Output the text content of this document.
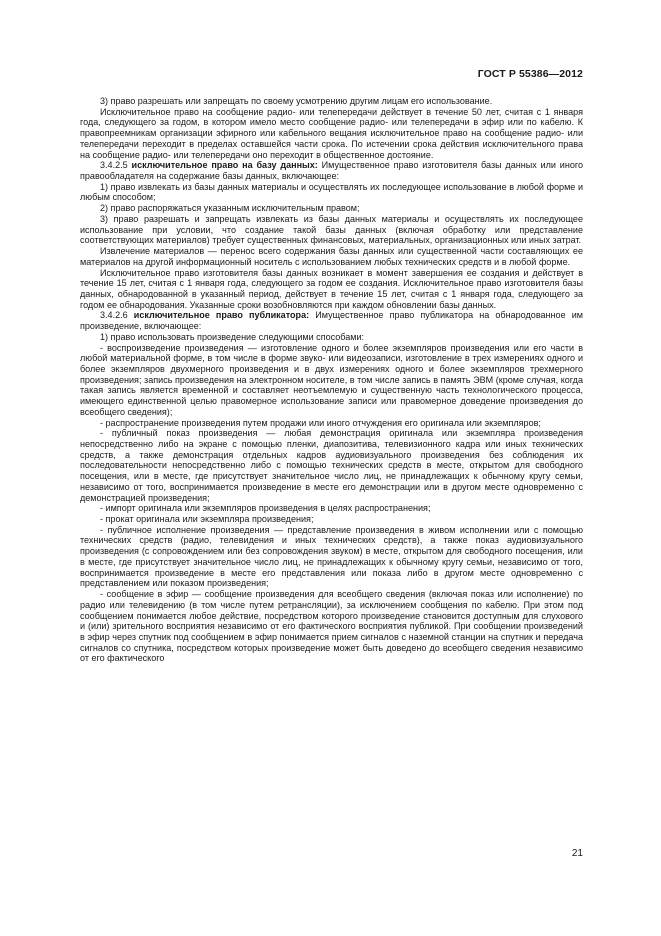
ГОСТ Р 55386—2012

3) право разрешать или запрещать по своему усмотрению другим лицам его использование.

Исключительное право на сообщение радио- или телепередачи действует в течение 50 лет, считая с 1 января года, следующего за годом, в котором имело место сообщение радио- или телепередачи в эфир или по кабелю. К правопреемникам организации эфирного или кабельного вещания исключительное право на сообщение радио- или телепередачи переходит в пределах оставшейся части срока. По истечении срока действия исключительного права на сообщение радио- или телепередачи оно переходит в общественное достояние.

3.4.2.5 исключительное право на базу данных: Имущественное право изготовителя базы данных или иного правообладателя на содержание базы данных, включающее:

1) право извлекать из базы данных материалы и осуществлять их последующее использование в любой форме и любым способом;

2) право распоряжаться указанным исключительным правом;

3) право разрешать и запрещать извлекать из базы данных материалы и осуществлять их последующее использование при условии, что создание такой базы данных (включая обработку или представление соответствующих материалов) требует существенных финансовых, материальных, организационных или иных затрат.

Извлечение материалов — перенос всего содержания базы данных или существенной части составляющих ее материалов на другой информационный носитель с использованием любых технических средств и в любой форме.

Исключительное право изготовителя базы данных возникает в момент завершения ее создания и действует в течение 15 лет, считая с 1 января года, следующего за годом ее создания. Исключительное право изготовителя базы данных, обнародованной в указанный период, действует в течение 15 лет, считая с 1 января года, следующего за годом ее обнародования. Указанные сроки возобновляются при каждом обновлении базы данных.

3.4.2.6 исключительное право публикатора: Имущественное право публикатора на обнародованное им произведение, включающее:

1) право использовать произведение следующими способами:

- воспроизведение произведения — изготовление одного и более экземпляров произведения или его части в любой материальной форме, в том числе в форме звуко- или видеозаписи, изготовление в трех измерениях одного и более экземпляров двухмерного произведения и в двух измерениях одного и более экземпляров трехмерного произведения; запись произведения на электронном носителе, в том числе запись в память ЭВМ (кроме случая, когда такая запись является временной и составляет неотъемлемую и существенную часть технологического процесса, имеющего единственной целью правомерное использование записи или правомерное доведение произведения до всеобщего сведения);

- распространение произведения путем продажи или иного отчуждения его оригинала или экземпляров;

- публичный показ произведения — любая демонстрация оригинала или экземпляра произведения непосредственно либо на экране с помощью пленки, диапозитива, телевизионного кадра или иных технических средств, а также демонстрация отдельных кадров аудиовизуального произведения без соблюдения их последовательности непосредственно либо с помощью технических средств в месте, открытом для свободного посещения, или в месте, где присутствует значительное число лиц, не принадлежащих к обычному кругу семьи, независимо от того, воспринимается произведение в месте его демонстрации или в другом месте одновременно с демонстрацией произведения;

- импорт оригинала или экземпляров произведения в целях распространения;

- прокат оригинала или экземпляра произведения;

- публичное исполнение произведения — представление произведения в живом исполнении или с помощью технических средств (радио, телевидения и иных технических средств), а также показ аудиовизуального произведения (с сопровождением или без сопровождения звуком) в месте, открытом для свободного посещения, или в месте, где присутствует значительное число лиц, не принадлежащих к обычному кругу семьи, независимо от того, воспринимается произведение в месте его представления или показа либо в другом месте одновременно с представлением или показом произведения;

- сообщение в эфир — сообщение произведения для всеобщего сведения (включая показ или исполнение) по радио или телевидению (в том числе путем ретрансляции), за исключением сообщения по кабелю. При этом под сообщением понимается любое действие, посредством которого произведение становится доступным для слухового и (или) зрительного восприятия независимо от его фактического восприятия публикой. При сообщении произведений в эфир через спутник под сообщением в эфир понимается прием сигналов с наземной станции на спутник и передача сигналов со спутника, посредством которых произведение может быть доведено до всеобщего сведения независимо от его фактического

21
